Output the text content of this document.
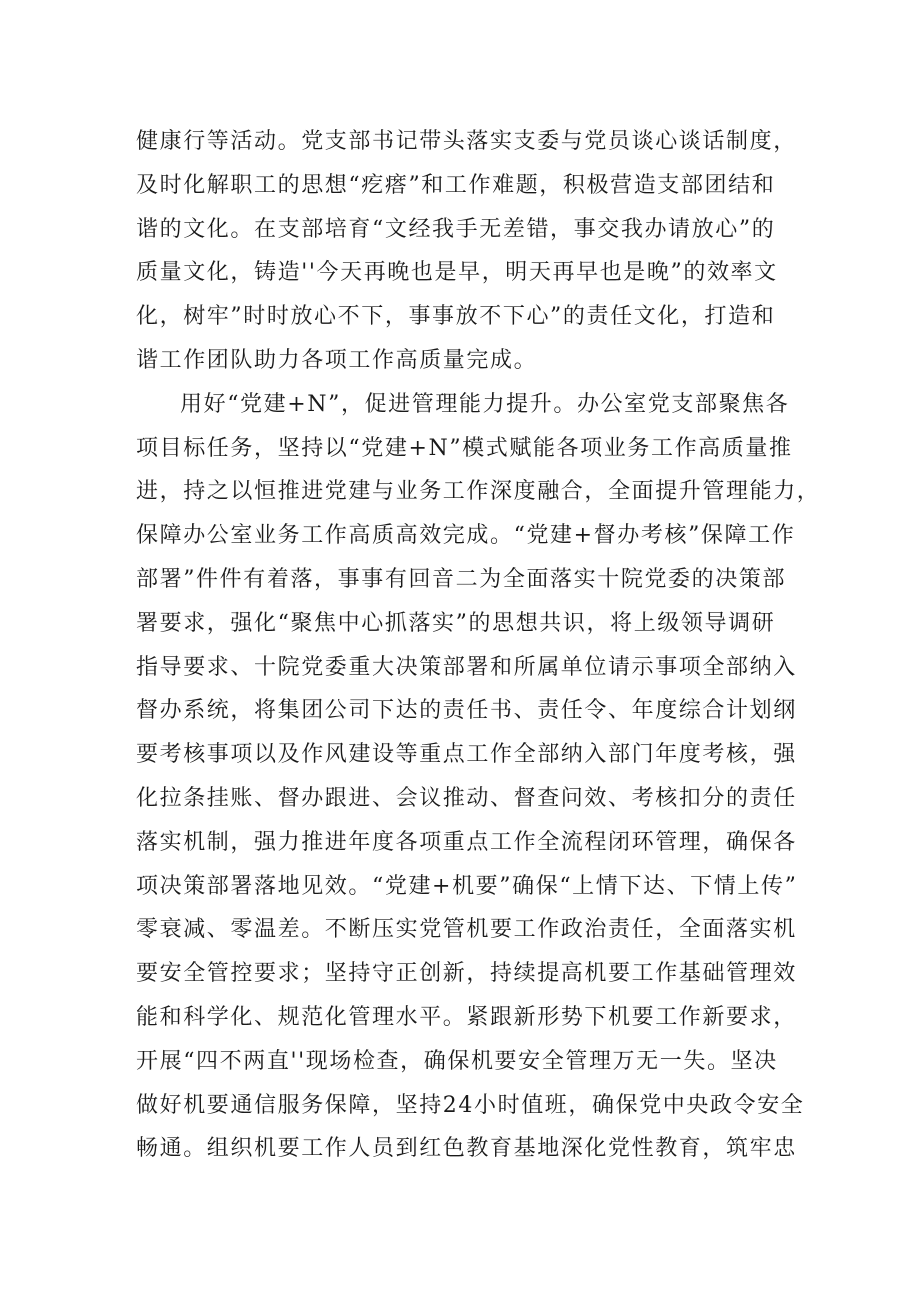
健康行等活动。党支部书记带头落实支委与党员谈心谈话制度，
及时化解职工的思想“疙瘩”和工作难题，积极营造支部团结和
谐的文化。在支部培育“文经我手无差错，事交我办请放心”的
质量文化，铸造''今天再晚也是早，明天再早也是晚”的效率文
化，树牢”时时放心不下，事事放不下心”的责任文化，打造和
谐工作团队助力各项工作高质量完成。
用好“党建+N”，促进管理能力提升。办公室党支部聚焦各
项目标任务，坚持以“党建+N”模式赋能各项业务工作高质量推
进，持之以恒推进党建与业务工作深度融合，全面提升管理能力，
保障办公室业务工作高质高效完成。“党建+督办考核”保障工作
部署”件件有着落，事事有回音二为全面落实十院党委的决策部
署要求，强化“聚焦中心抓落实”的思想共识，将上级领导调研
指导要求、十院党委重大决策部署和所属单位请示事项全部纳入
督办系统，将集团公司下达的责任书、责任令、年度综合计划纲
要考核事项以及作风建设等重点工作全部纳入部门年度考核，强
化拉条挂账、督办跟进、会议推动、督查问效、考核扣分的责任
落实机制，强力推进年度各项重点工作全流程闭环管理，确保各
项决策部署落地见效。“党建+机要”确保“上情下达、下情上传”
零衰减、零温差。不断压实党管机要工作政治责任，全面落实机
要安全管控要求；坚持守正创新，持续提高机要工作基础管理效
能和科学化、规范化管理水平。紧跟新形势下机要工作新要求，
开展“四不两直''现场检查，确保机要安全管理万无一失。坚决
做好机要通信服务保障，坚持24小时值班，确保党中央政令安全
畅通。组织机要工作人员到红色教育基地深化党性教育，筑牢忠
